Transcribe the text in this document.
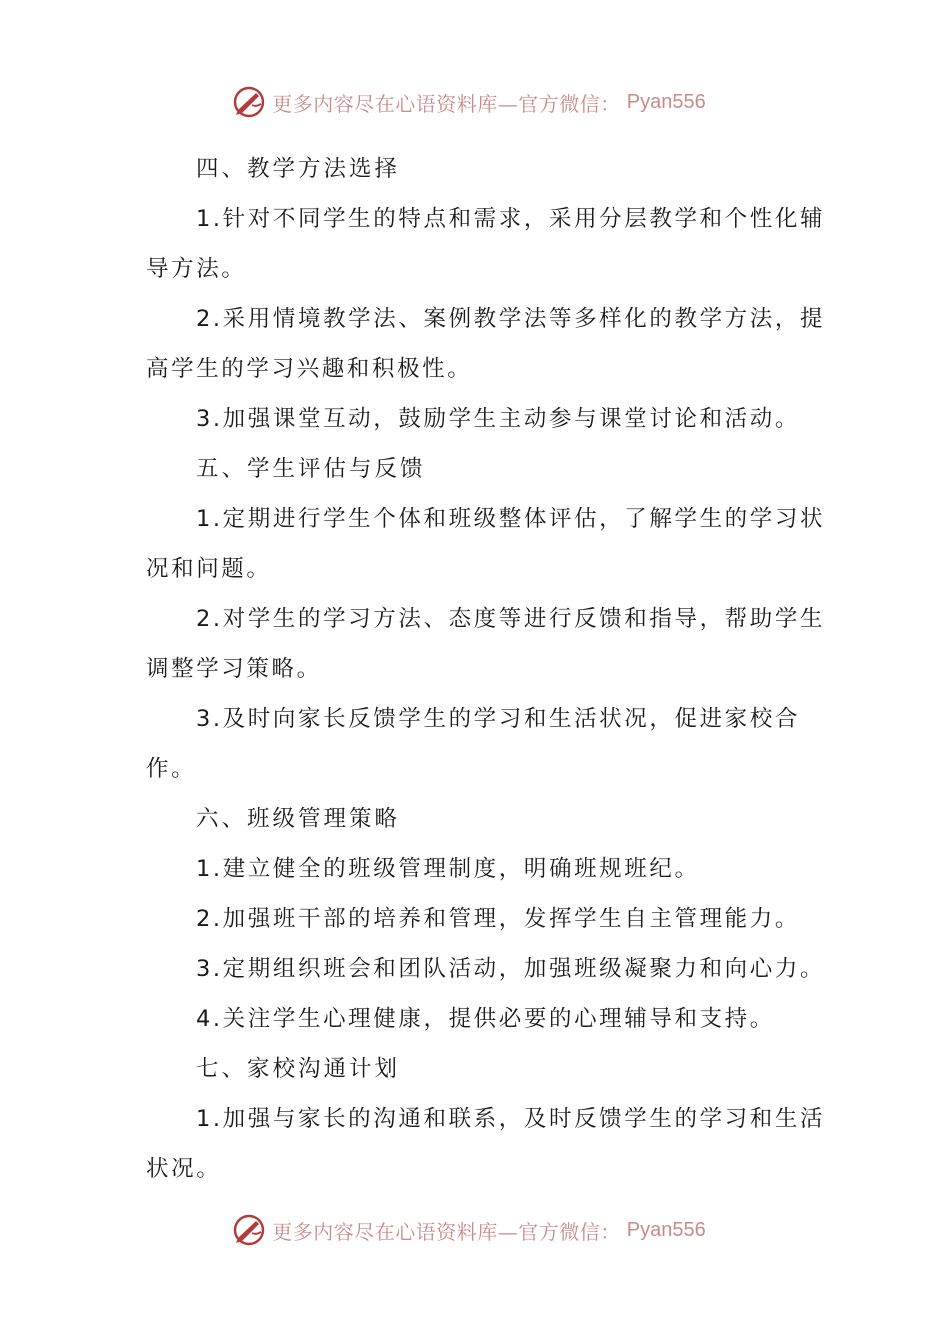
更多内容尽在心语资料库—官方微信： Pyan556

四、教学方法选择

1.针对不同学生的特点和需求，采用分层教学和个性化辅导方法。

2.采用情境教学法、案例教学法等多样化的教学方法，提高学生的学习兴趣和积极性。

3.加强课堂互动，鼓励学生主动参与课堂讨论和活动。

五、学生评估与反馈

1.定期进行学生个体和班级整体评估，了解学生的学习状况和问题。

2.对学生的学习方法、态度等进行反馈和指导，帮助学生调整学习策略。

3.及时向家长反馈学生的学习和生活状况，促进家校合作。

六、班级管理策略

1.建立健全的班级管理制度，明确班规班纪。

2.加强班干部的培养和管理，发挥学生自主管理能力。

3.定期组织班会和团队活动，加强班级凝聚力和向心力。

4.关注学生心理健康，提供必要的心理辅导和支持。

七、家校沟通计划

1.加强与家长的沟通和联系，及时反馈学生的学习和生活状况。

更多内容尽在心语资料库—官方微信： Pyan556
